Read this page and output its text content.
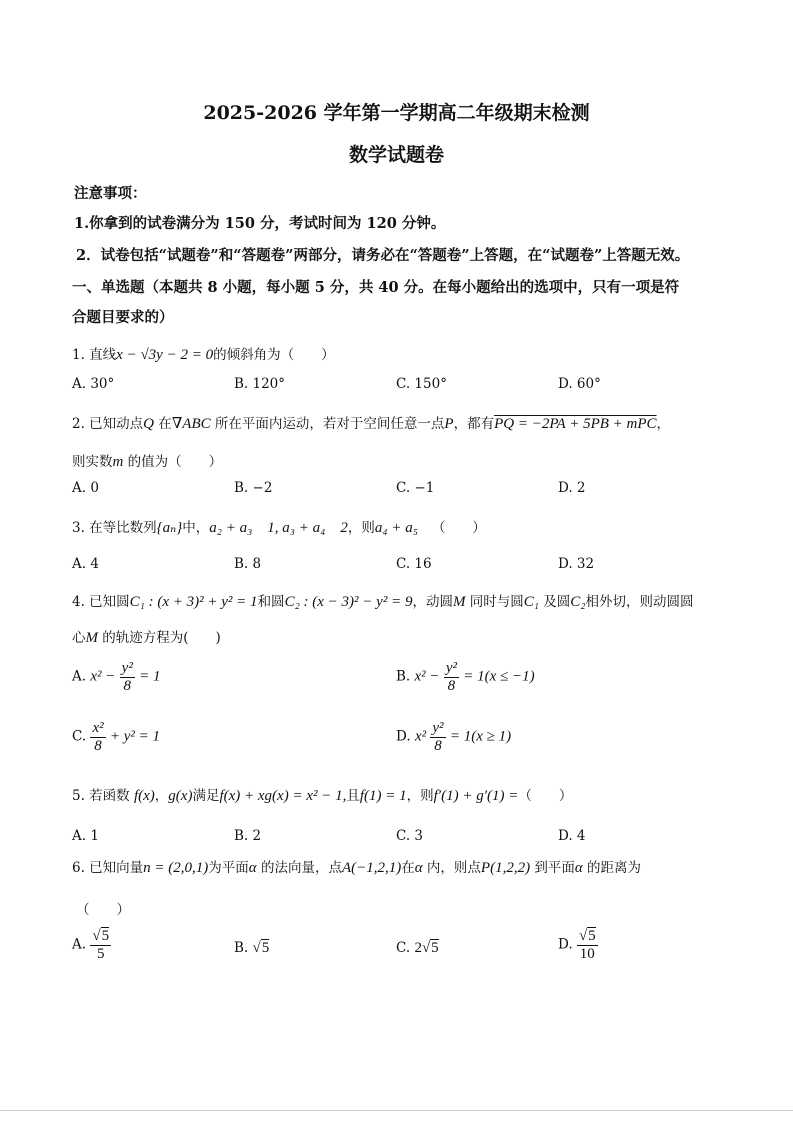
2025-2026 学年第一学期高二年级期末检测
数学试题卷
注意事项：
1.你拿到的试卷满分为 150 分，考试时间为 120 分钟。
2．试卷包括“试题卷”和“答题卷”两部分，请务必在“答题卷”上答题，在“试题卷”上答题无效。
一、单选题（本题共 8 小题，每小题 5 分，共 40 分。在每小题给出的选项中，只有一项是符
合题目要求的）
1. 直线x − √3y − 2 = 0的倾斜角为（　　）
A. 30°	B. 120°	C. 150°	D. 60°
2. 已知动点Q 在∇ABC 所在平面内运动，若对于空间任意一点P，都有PQ = −2PA + 5PB + mPC，
则实数m 的值为（　　）
A. 0	B. −2	C. −1	D. 2
3. 在等比数列{aₙ}中，a₂ + a₃　1, a₃ + a₄　2，则a₄ + a₅ （　　）
A. 4	B. 8	C. 16	D. 32
4. 已知圆C₁ : (x + 3)² + y² = 1和圆C₂ : (x − 3)² − y² = 9，动圆M 同时与圆C₁ 及圆C₂相外切，则动圆圆
心M 的轨迹方程为(　　)
A. $x^2 - \frac{\text{y²}}{8} = 1$	B. $x^2 - \frac{\text{y²}}{8} = 1(x \le -1)$
C. $\frac{\text{x²}}{8} + y^2 = 1$	D. $x^2 \frac{\text{y²}}{8} = 1(x \ge 1)$
5. 若函数 f(x)，g(x)满足f(x) + xg(x) = x² − 1,且f(1) = 1，则f′(1) + g′(1) =（　　）
A. 1	B. 2	C. 3	D. 4
6. 已知向量n = (2,0,1)为平面α 的法向量，点A(−1,2,1)在α 内，则点P(1,2,2) 到平面α 的距离为
（　　）
A. $\frac{√5}{5}$	B. √5	C. 2√5	D. $\frac{√5}{10}$
